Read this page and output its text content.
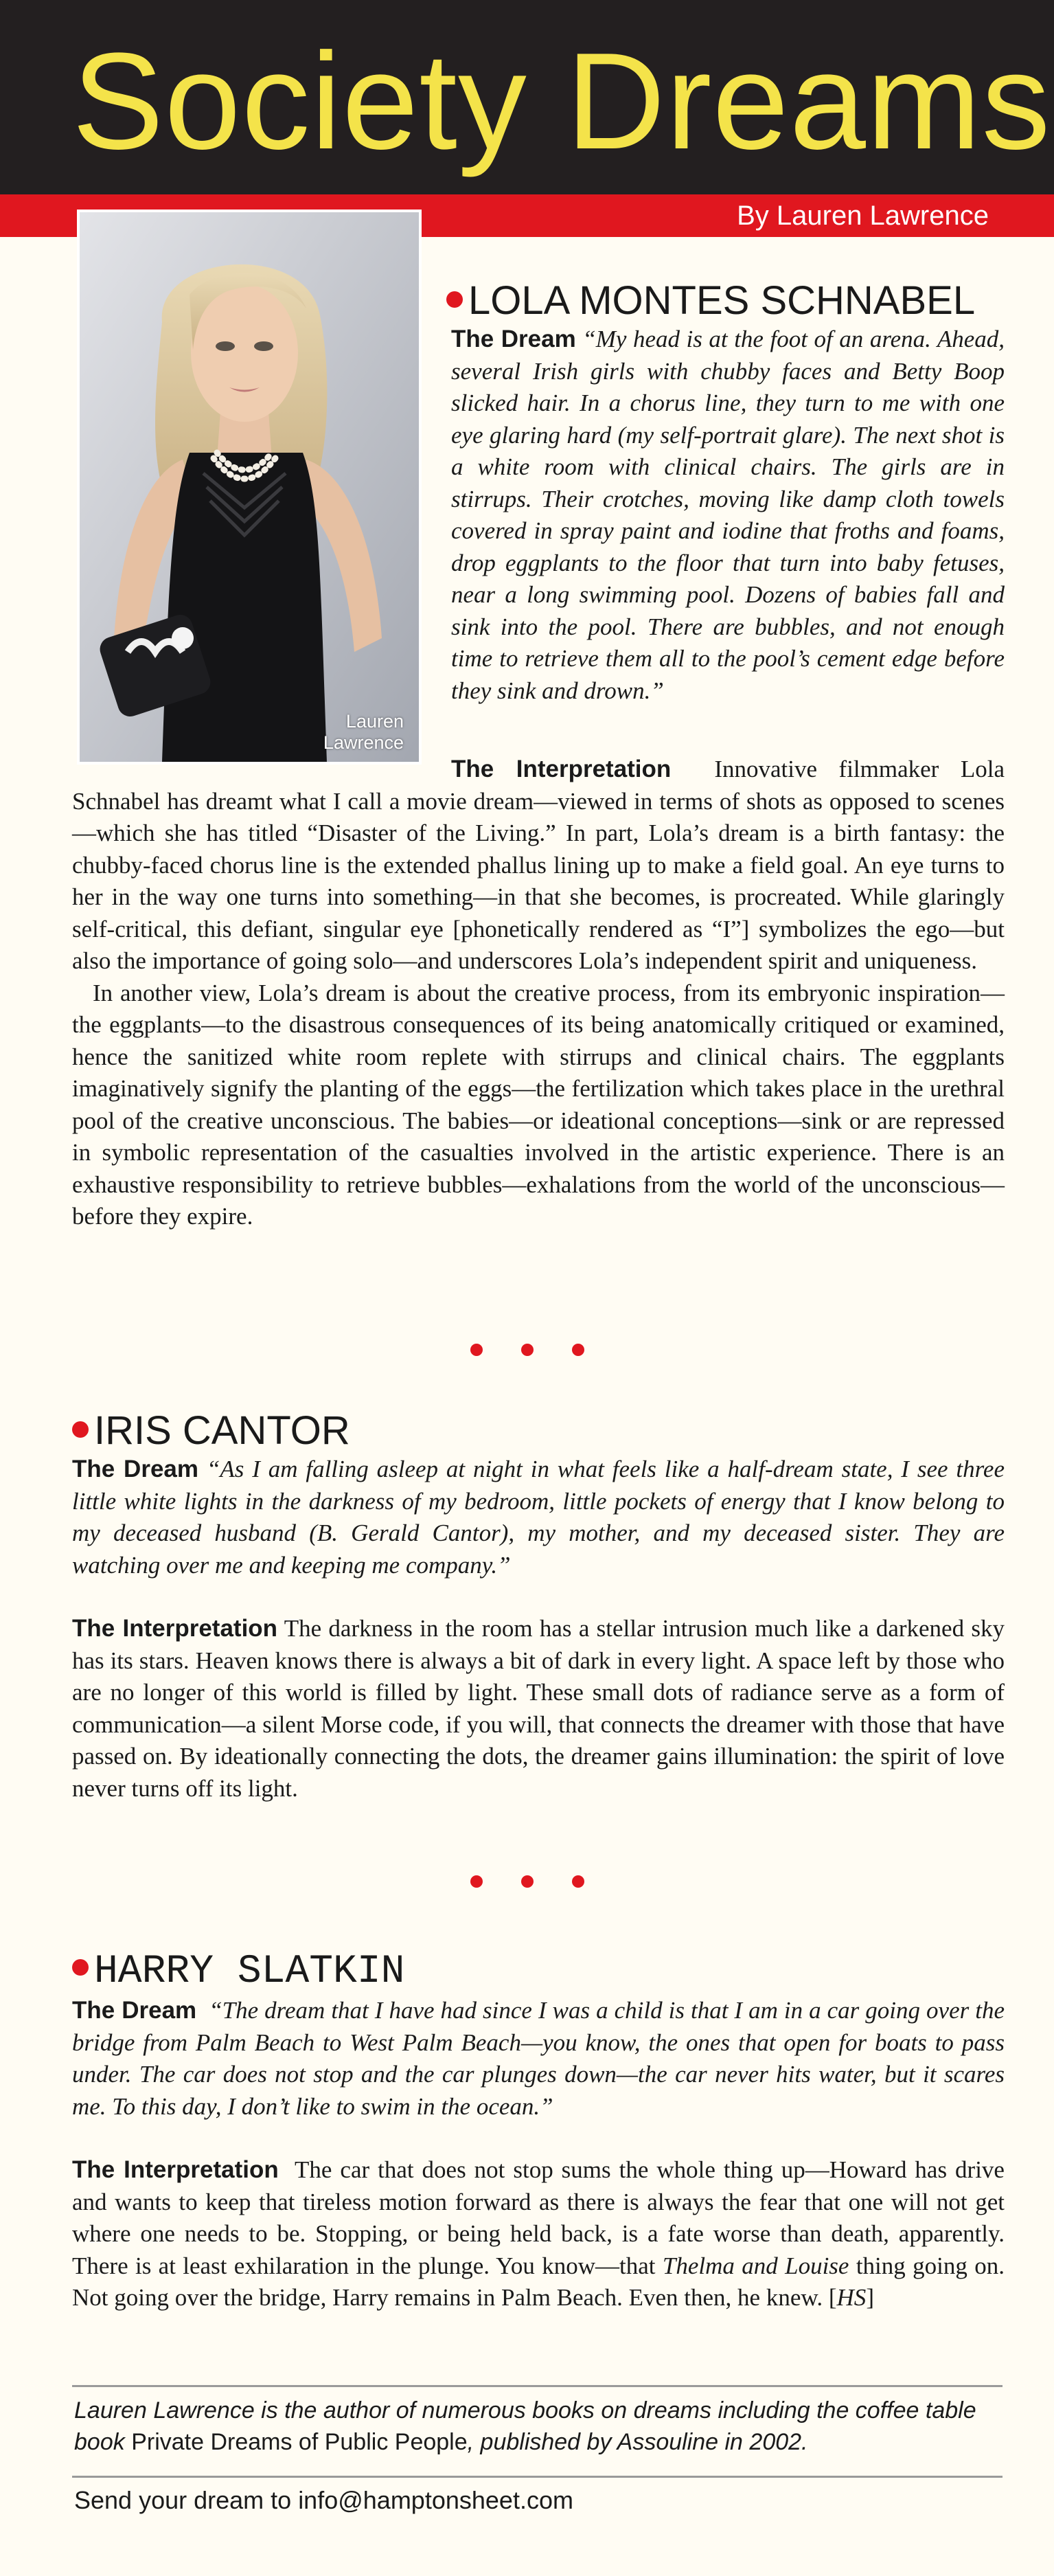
Society Dreams
By Lauren Lawrence
Lauren
Lawrence
LOLA MONTES SCHNABEL

The Dream “My head is at the foot of an arena. Ahead, several Irish girls with chubby faces and Betty Boop slicked hair. In a chorus line, they turn to me with one eye glaring hard (my self-portrait glare). The next shot is a white room with clinical chairs. The girls are in stirrups. Their crotches, moving like damp cloth towels covered in spray paint and iodine that froths and foams, drop eggplants to the floor that turn into baby fetuses, near a long swimming pool. Dozens of babies fall and sink into the pool. There are bubbles, and not enough time to retrieve them all to the pool’s cement edge before they sink and drown.”

The Interpretation Innovative filmmaker Lola Schnabel has dreamt what I call a movie dream—viewed in terms of shots as opposed to scenes—which she has titled “Disaster of the Living.” In part, Lola’s dream is a birth fantasy: the chubby-faced chorus line is the extended phallus lining up to make a field goal. An eye turns to her in the way one turns into something—in that she becomes, is procreated. While glaringly self-critical, this defiant, singular eye [phonetically rendered as “I”] symbolizes the ego—but also the importance of going solo—and underscores Lola’s independent spirit and uniqueness.

In another view, Lola’s dream is about the creative process, from its embryonic inspiration—the eggplants—to the disastrous consequences of its being anatomically critiqued or examined, hence the sanitized white room replete with stirrups and clinical chairs. The eggplants imaginatively signify the planting of the eggs—the fertilization which takes place in the urethral pool of the creative unconscious. The babies—or ideational conceptions—sink or are repressed in symbolic representation of the casualties involved in the artistic experience. There is an exhaustive responsibility to retrieve bubbles—exhalations from the world of the unconscious—before they expire.

IRIS CANTOR

The Dream “As I am falling asleep at night in what feels like a half-dream state, I see three little white lights in the darkness of my bedroom, little pockets of energy that I know belong to my deceased husband (B. Gerald Cantor), my mother, and my deceased sister. They are watching over me and keeping me company.”

The Interpretation The darkness in the room has a stellar intrusion much like a darkened sky has its stars. Heaven knows there is always a bit of dark in every light. A space left by those who are no longer of this world is filled by light. These small dots of radiance serve as a form of communication—a silent Morse code, if you will, that connects the dreamer with those that have passed on. By ideationally connecting the dots, the dreamer gains illumination: the spirit of love never turns off its light.

HARRY SLATKIN

The Dream “The dream that I have had since I was a child is that I am in a car going over the bridge from Palm Beach to West Palm Beach—you know, the ones that open for boats to pass under. The car does not stop and the car plunges down—the car never hits water, but it scares me. To this day, I don’t like to swim in the ocean.”

The Interpretation The car that does not stop sums the whole thing up—Howard has drive and wants to keep that tireless motion forward as there is always the fear that one will not get where one needs to be. Stopping, or being held back, is a fate worse than death, apparently. There is at least exhilaration in the plunge. You know—that Thelma and Louise thing going on. Not going over the bridge, Harry remains in Palm Beach. Even then, he knew. [HS]

Lauren Lawrence is the author of numerous books on dreams including the coffee table book Private Dreams of Public People, published by Assouline in 2002.

Send your dream to info@hamptonsheet.com
